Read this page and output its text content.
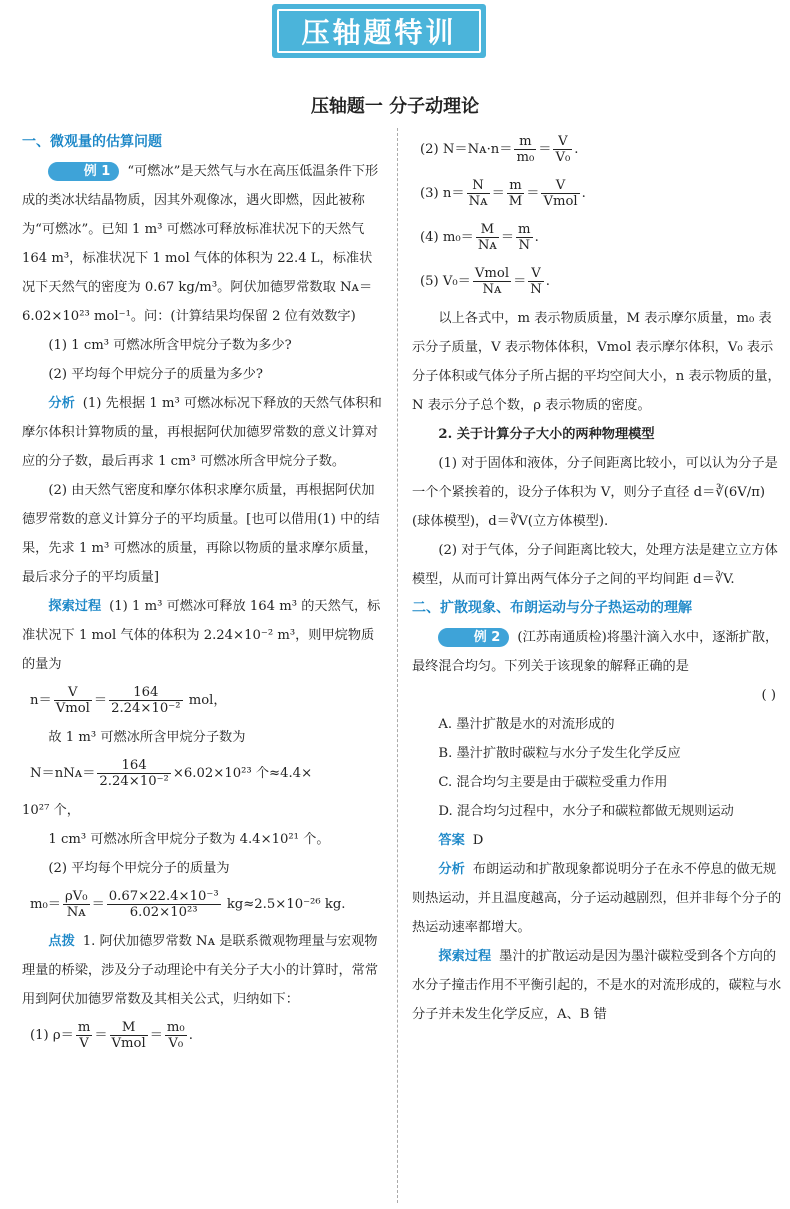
压轴题特训
压轴题一 分子动理论

一、微观量的估算问题

例 1 “可燃冰”是天然气与水在高压低温条件下形成的类冰状结晶物质，因其外观像冰，遇火即燃，因此被称为“可燃冰”。已知 1 m³ 可燃冰可释放标准状况下的天然气 164 m³，标准状况下 1 mol 气体的体积为 22.4 L，标准状况下天然气的密度为 0.67 kg/m³。阿伏加德罗常数取 Nᴀ＝6.02×10²³ mol⁻¹。问：(计算结果均保留 2 位有效数字)

(1) 1 cm³ 可燃冰所含甲烷分子数为多少?

(2) 平均每个甲烷分子的质量为多少?

分析 (1) 先根据 1 m³ 可燃冰标况下释放的天然气体积和摩尔体积计算物质的量，再根据阿伏加德罗常数的意义计算对应的分子数，最后再求 1 cm³ 可燃冰所含甲烷分子数。

(2) 由天然气密度和摩尔体积求摩尔质量，再根据阿伏加德罗常数的意义计算分子的平均质量。[也可以借用(1) 中的结果，先求 1 m³ 可燃冰的质量，再除以物质的量求摩尔质量，最后求分子的平均质量]

探索过程 (1) 1 m³ 可燃冰可释放 164 m³ 的天然气，标准状况下 1 mol 气体的体积为 2.24×10⁻² m³，则甲烷物质的量为

$n= \frac{V}{\text{Vmol}} = \frac{164}{\text{2.24×10⁻²}}$ mol，

故 1 m³ 可燃冰所含甲烷分子数为

N＝nNᴀ＝ $\frac{164}{\text{2.24×10⁻²}} \times 6.02\times 10^{23}$ 个≈4.4×

10²⁷ 个，

1 cm³ 可燃冰所含甲烷分子数为 4.4×10²¹ 个。

(2) 平均每个甲烷分子的质量为

$m_0= \frac{\text{ρV₀}}{\text{Nᴀ}} = \frac{\text{0.67×22.4×10⁻³}}{\text{6.02×10²³}} kg\approx 2.5\times 10^{-26}$ kg.

点拨 1. 阿伏加德罗常数 Nᴀ 是联系微观物理量与宏观物理量的桥梁，涉及分子动理论中有关分子大小的计算时，常常用到阿伏加德罗常数及其相关公式，归纳如下：

(1) $\rho= \frac{m}{V} = \frac{M}{\text{Vmol}} = \frac{\text{m₀}}{\text{V₀}}$ .

(2) N＝Nᴀ·n＝ $\frac{m}{\text{m₀}} = \frac{V}{\text{V₀}}$ .

(3) $n= \frac{N}{\text{Nᴀ}} = \frac{m}{M} = \frac{V}{\text{Vmol}}$ .

(4) $m_0= \frac{M}{\text{Nᴀ}} = \frac{m}{N}$ .

(5) $V_0= \frac{\text{Vmol}}{\text{Nᴀ}} = \frac{V}{N}$ .

以上各式中，m 表示物质质量，M 表示摩尔质量，m₀ 表示分子质量，V 表示物体体积，Vmol 表示摩尔体积，V₀ 表示分子体积或气体分子所占据的平均空间大小，n 表示物质的量，N 表示分子总个数，ρ 表示物质的密度。

2. 关于计算分子大小的两种物理模型

(1) 对于固体和液体，分子间距离比较小，可以认为分子是一个个紧挨着的，设分子体积为 V，则分子直径 d＝∛(6V/π)(球体模型)，d＝∛V(立方体模型).

(2) 对于气体，分子间距离比较大，处理方法是建立立方体模型，从而可计算出两气体分子之间的平均间距 d＝∛V.

二、扩散现象、布朗运动与分子热运动的理解

例 2 (江苏南通质检)将墨汁滴入水中，逐渐扩散，最终混合均匀。下列关于该现象的解释正确的是

( )

A. 墨汁扩散是水的对流形成的

B. 墨汁扩散时碳粒与水分子发生化学反应

C. 混合均匀主要是由于碳粒受重力作用

D. 混合均匀过程中，水分子和碳粒都做无规则运动

答案 D

分析 布朗运动和扩散现象都说明分子在永不停息的做无规则热运动，并且温度越高，分子运动越剧烈，但并非每个分子的热运动速率都增大。

探索过程 墨汁的扩散运动是因为墨汁碳粒受到各个方向的水分子撞击作用不平衡引起的，不是水的对流形成的，碳粒与水分子并未发生化学反应，A、B 错
